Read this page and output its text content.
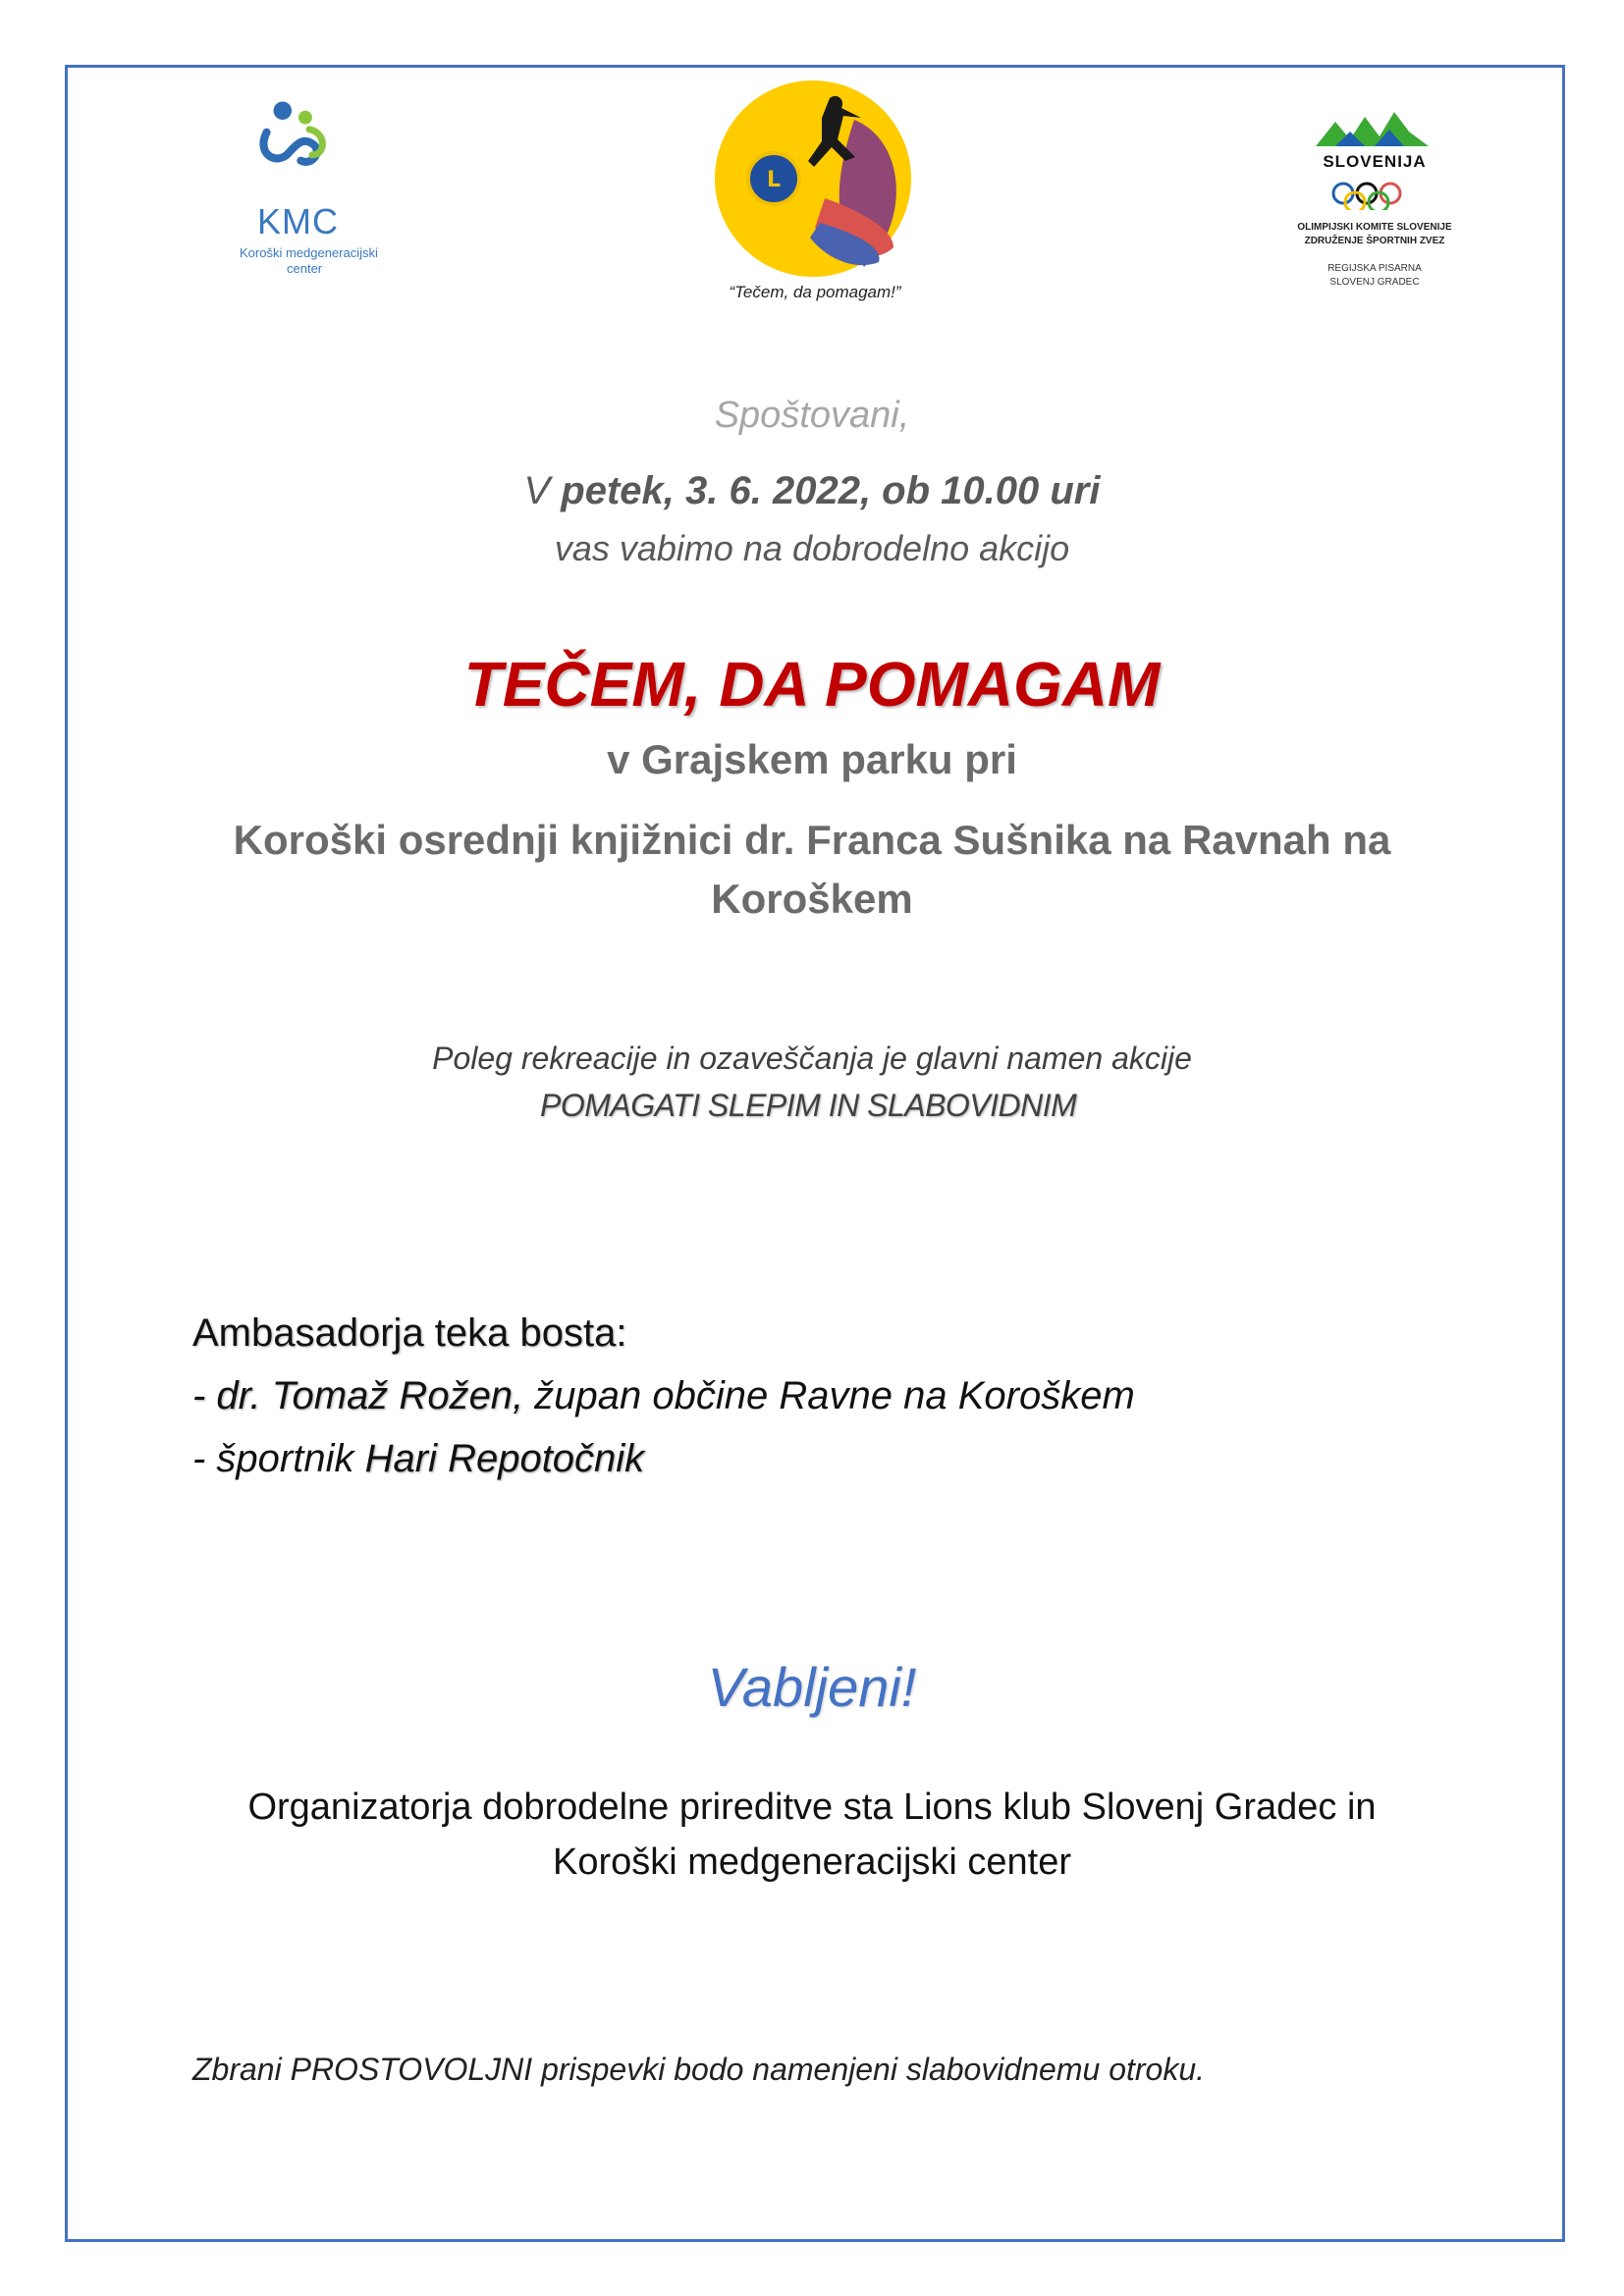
KMC
Koroški medgeneracijski
center
L
“Tečem, da pomagam!”
SLOVENIJA
OLIMPIJSKI KOMITE SLOVENIJE
ZDRUŽENJE ŠPORTNIH ZVEZ
REGIJSKA PISARNA
SLOVENJ GRADEC
Spoštovani,
V petek, 3. 6. 2022, ob 10.00 uri
vas vabimo na dobrodelno akcijo
TEČEM, DA POMAGAM
v Grajskem parku pri
Koroški osrednji knjižnici dr. Franca Sušnika na Ravnah na
Koroškem
Poleg rekreacije in ozaveščanja je glavni namen akcije
POMAGATI SLEPIM IN SLABOVIDNIM
Ambasadorja teka bosta:
- dr. Tomaž Rožen, župan občine Ravne na Koroškem
- športnik Hari Repotočnik
Vabljeni!
Organizatorja dobrodelne prireditve sta Lions klub Slovenj Gradec in
Koroški medgeneracijski center
Zbrani PROSTOVOLJNI prispevki bodo namenjeni slabovidnemu otroku.
